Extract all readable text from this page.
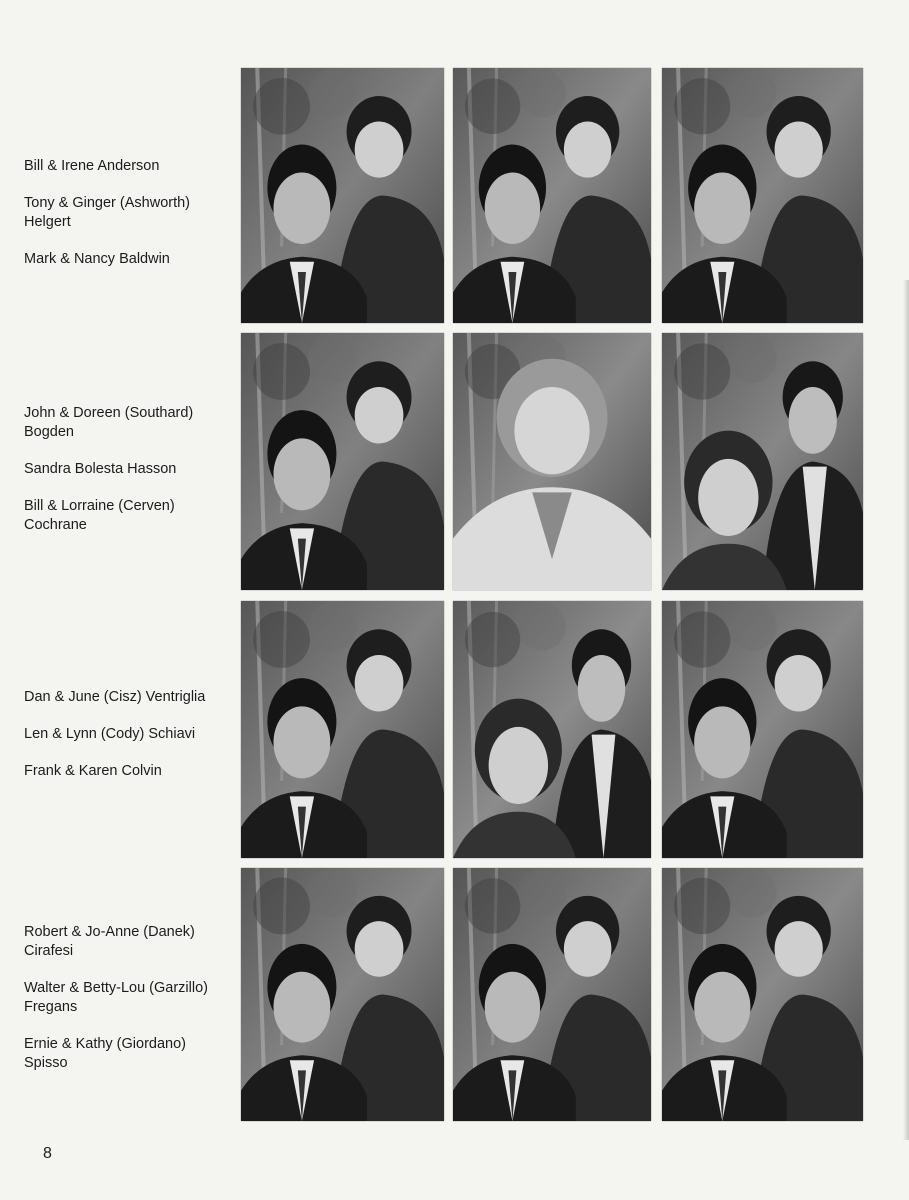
Bill & Irene Anderson
Tony & Ginger (Ashworth)
Helgert
Mark & Nancy Baldwin
John & Doreen (Southard)
Bogden
Sandra Bolesta Hasson
Bill & Lorraine (Cerven)
Cochrane
Dan & June (Cisz) Ventriglia
Len & Lynn (Cody) Schiavi
Frank & Karen Colvin
Robert & Jo-Anne (Danek)
Cirafesi
Walter & Betty-Lou (Garzillo)
Fregans
Ernie & Kathy (Giordano)
Spisso
8
